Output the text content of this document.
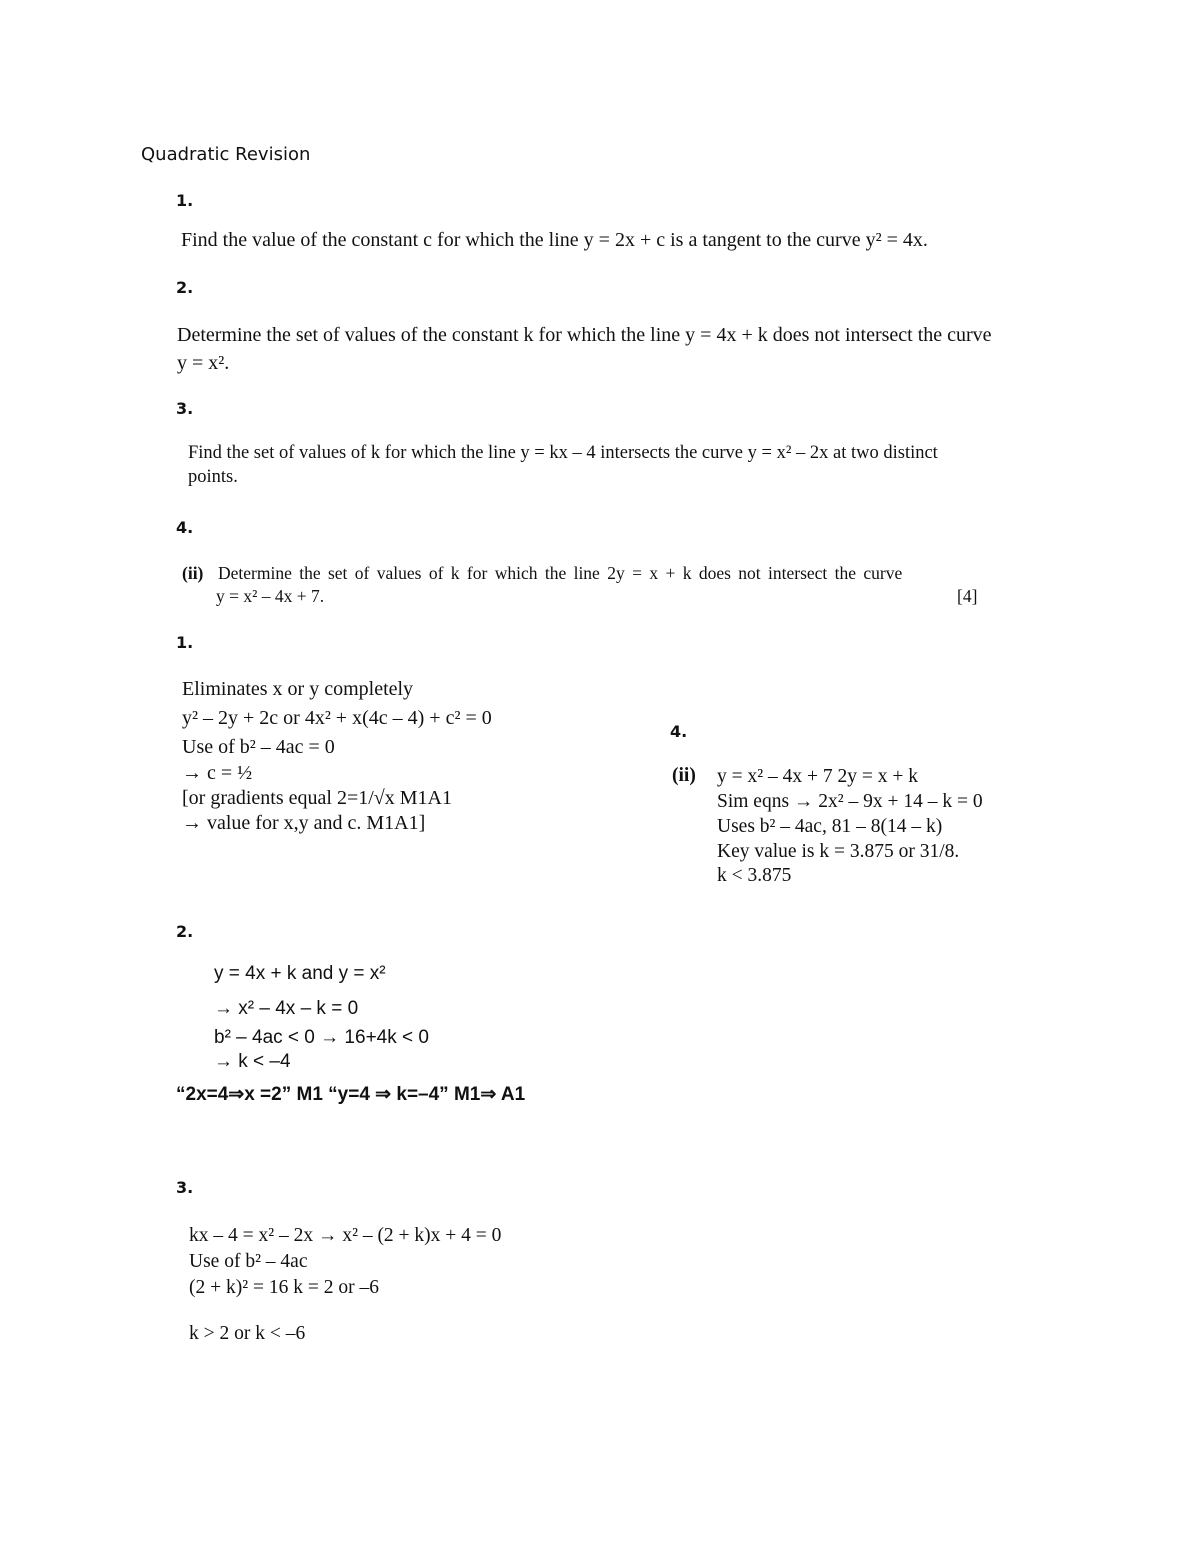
Quadratic Revision
1.
Find the value of the constant c for which the line y = 2x + c is a tangent to the curve y² = 4x.
2.
Determine the set of values of the constant k for which the line y = 4x + k does not intersect the curve
y = x².
3.
Find the set of values of k for which the line y = kx – 4 intersects the curve y = x² – 2x at two distinct
points.
4.
(ii) Determine the set of values of k for which the line 2y = x + k does not intersect the curve
y = x² – 4x + 7.	[4]
1.
Eliminates x or y completely
y² – 2y + 2c or 4x² + x(4c – 4) + c² = 0
Use of b² – 4ac = 0
→ c = ½
[or gradients equal 2=1/√x M1A1
→ value for x,y and c. M1A1]
4.
(ii) y = x² – 4x + 7 2y = x + k
Sim eqns → 2x² – 9x + 14 – k = 0
Uses b² – 4ac, 81 – 8(14 – k)
Key value is k = 3.875 or 31/8.
k < 3.875
2.
y = 4x + k and y = x²
→ x² – 4x – k = 0
b² – 4ac < 0 → 16+4k < 0
→ k < –4
“2x=4⇒x =2” M1 “y=4 ⇒ k=–4” M1⇒ A1
3.
kx – 4 = x² – 2x → x² – (2 + k)x + 4 = 0
Use of b² – 4ac
(2 + k)² = 16 k = 2 or –6
k > 2 or k < –6
